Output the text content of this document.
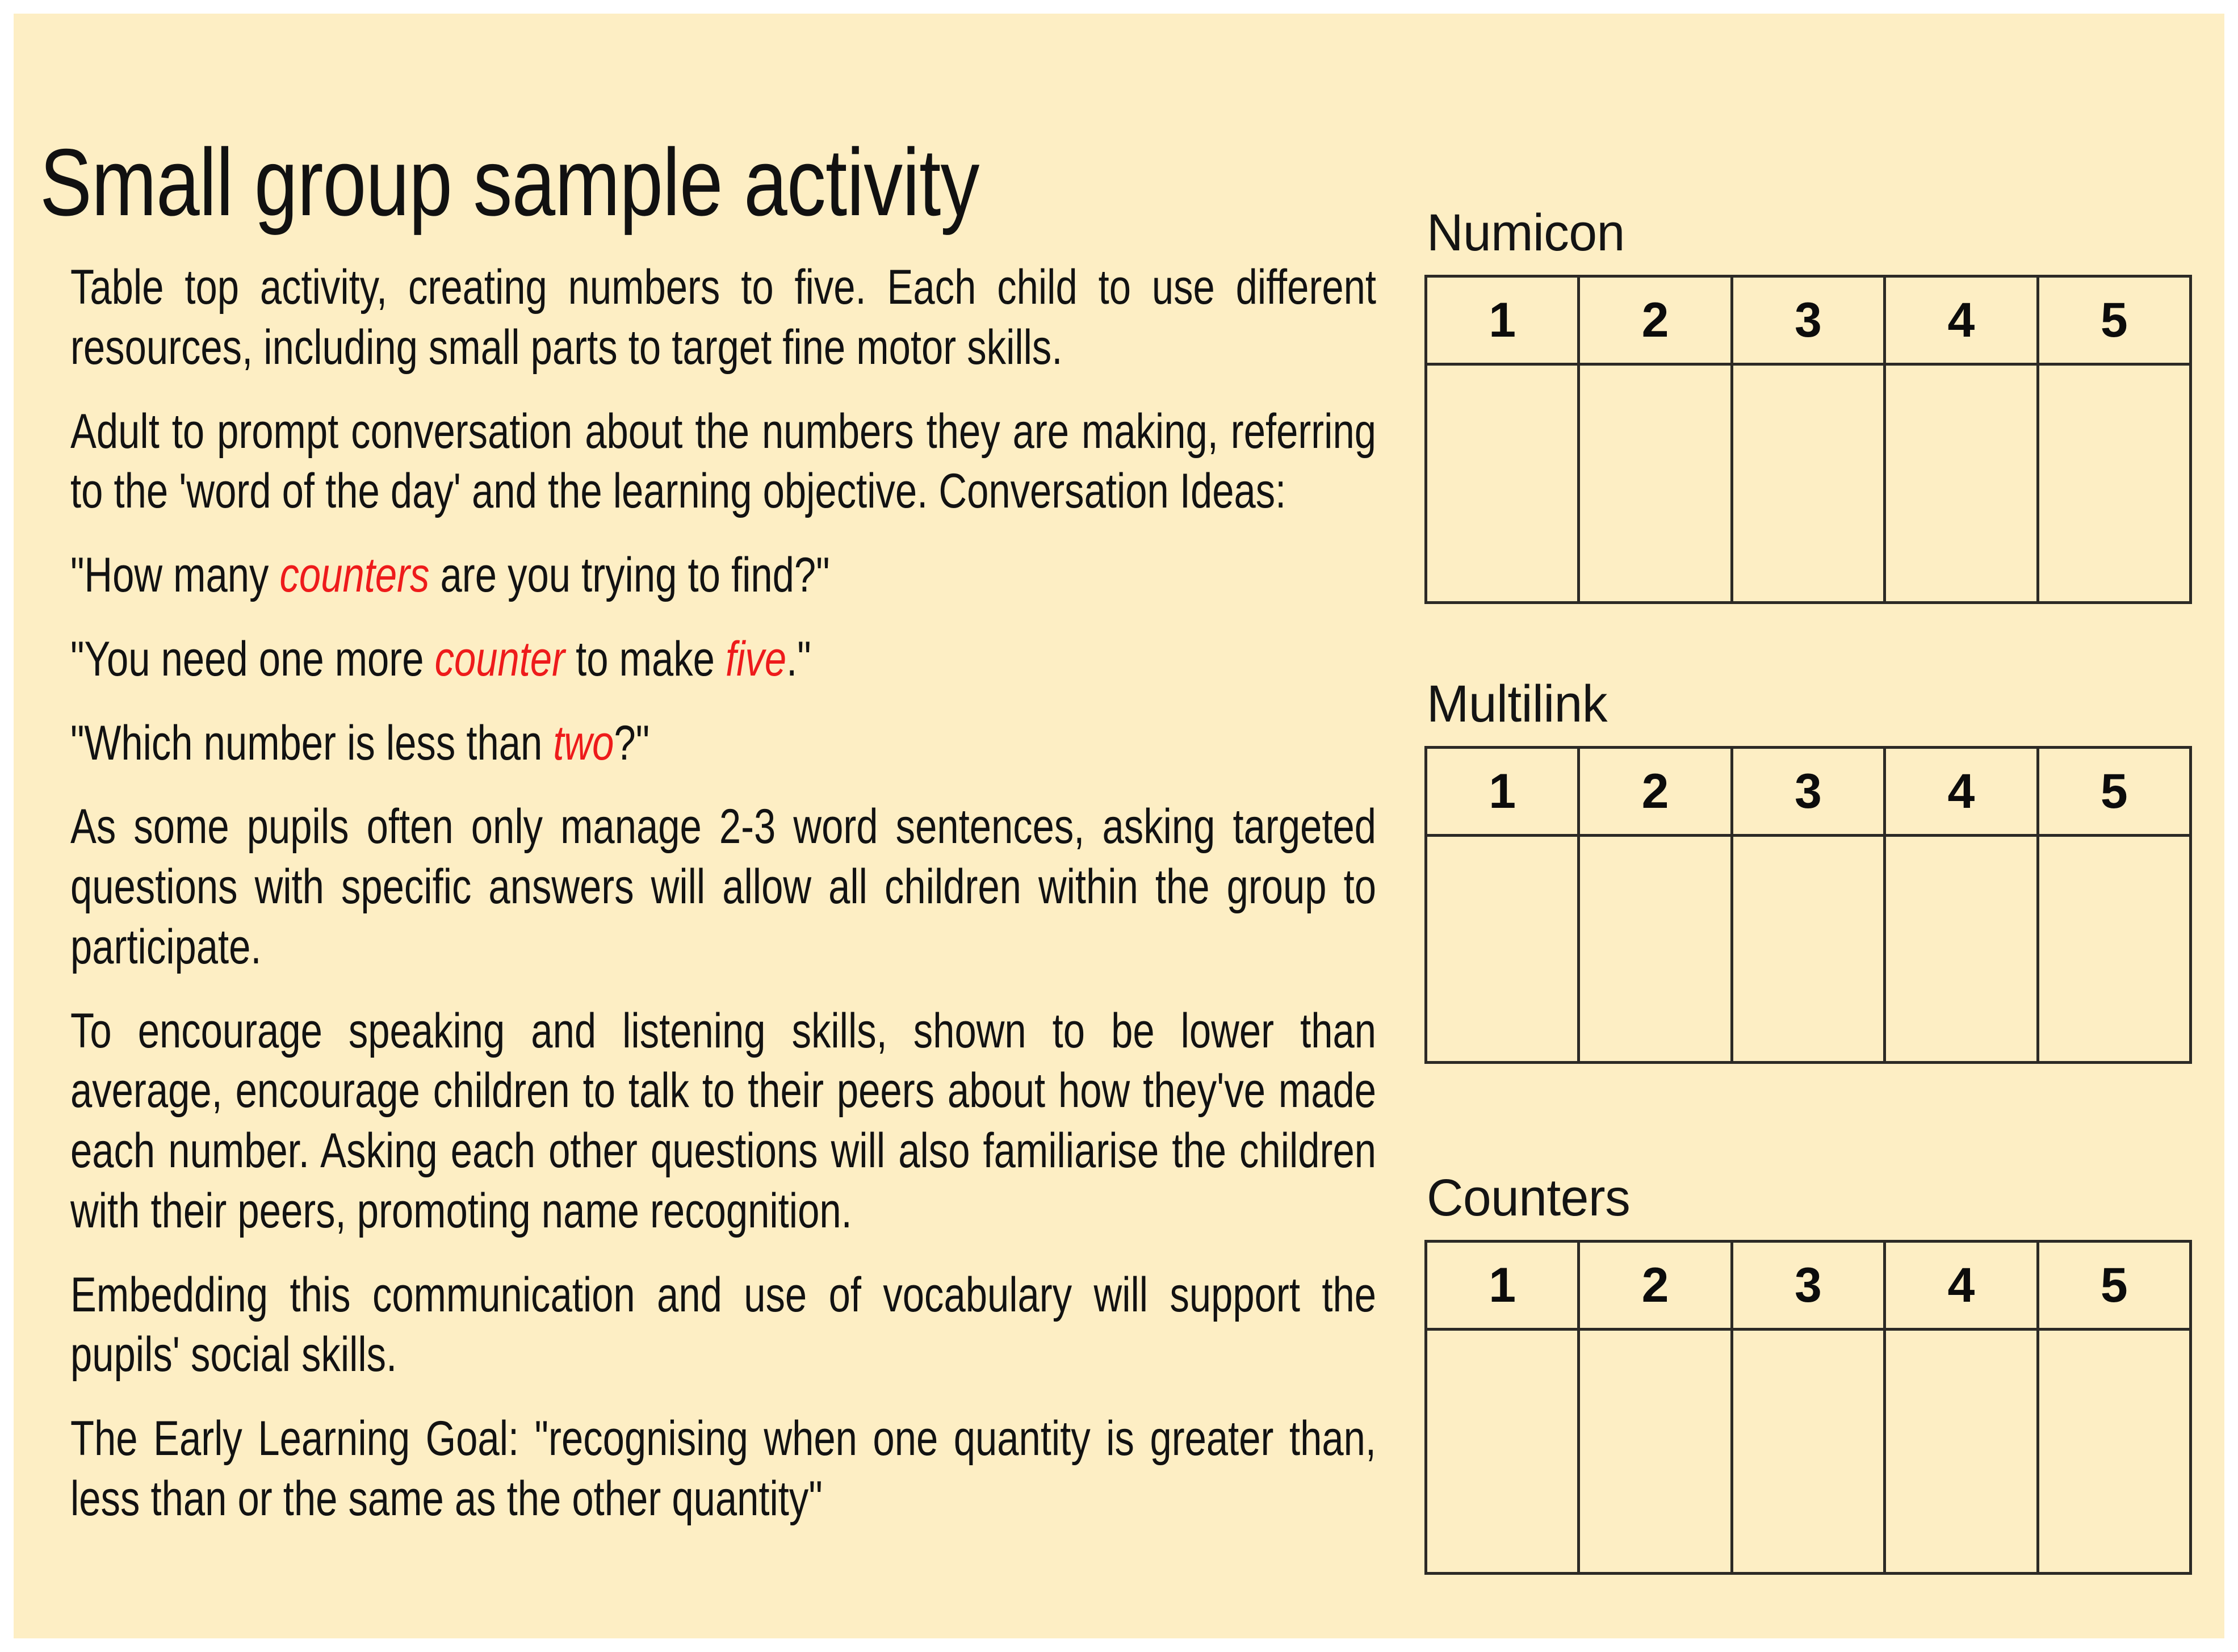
Small group sample activity

Table top activity, creating numbers to five. Each child to use different resources, including small parts to target fine motor skills.

Adult to prompt conversation about the numbers they are making, referring to the 'word of the day' and the learning objective. Conversation Ideas:

"How many counters are you trying to find?"

"You need one more counter to make five."

"Which number is less than two?"

As some pupils often only manage 2-3 word sentences, asking targeted questions with specific answers will allow all children within the group to participate.

To encourage speaking and listening skills, shown to be lower than average, encourage children to talk to their peers about how they've made each number. Asking each other questions will also familiarise the children with their peers, promoting name recognition.

Embedding this communication and use of vocabulary will support the pupils' social skills.

The Early Learning Goal: "recognising when one quantity is greater than, less than or the same as the other quantity"

Numicon
1	2	3	4	5

Multilink
1	2	3	4	5

Counters
1	2	3	4	5
